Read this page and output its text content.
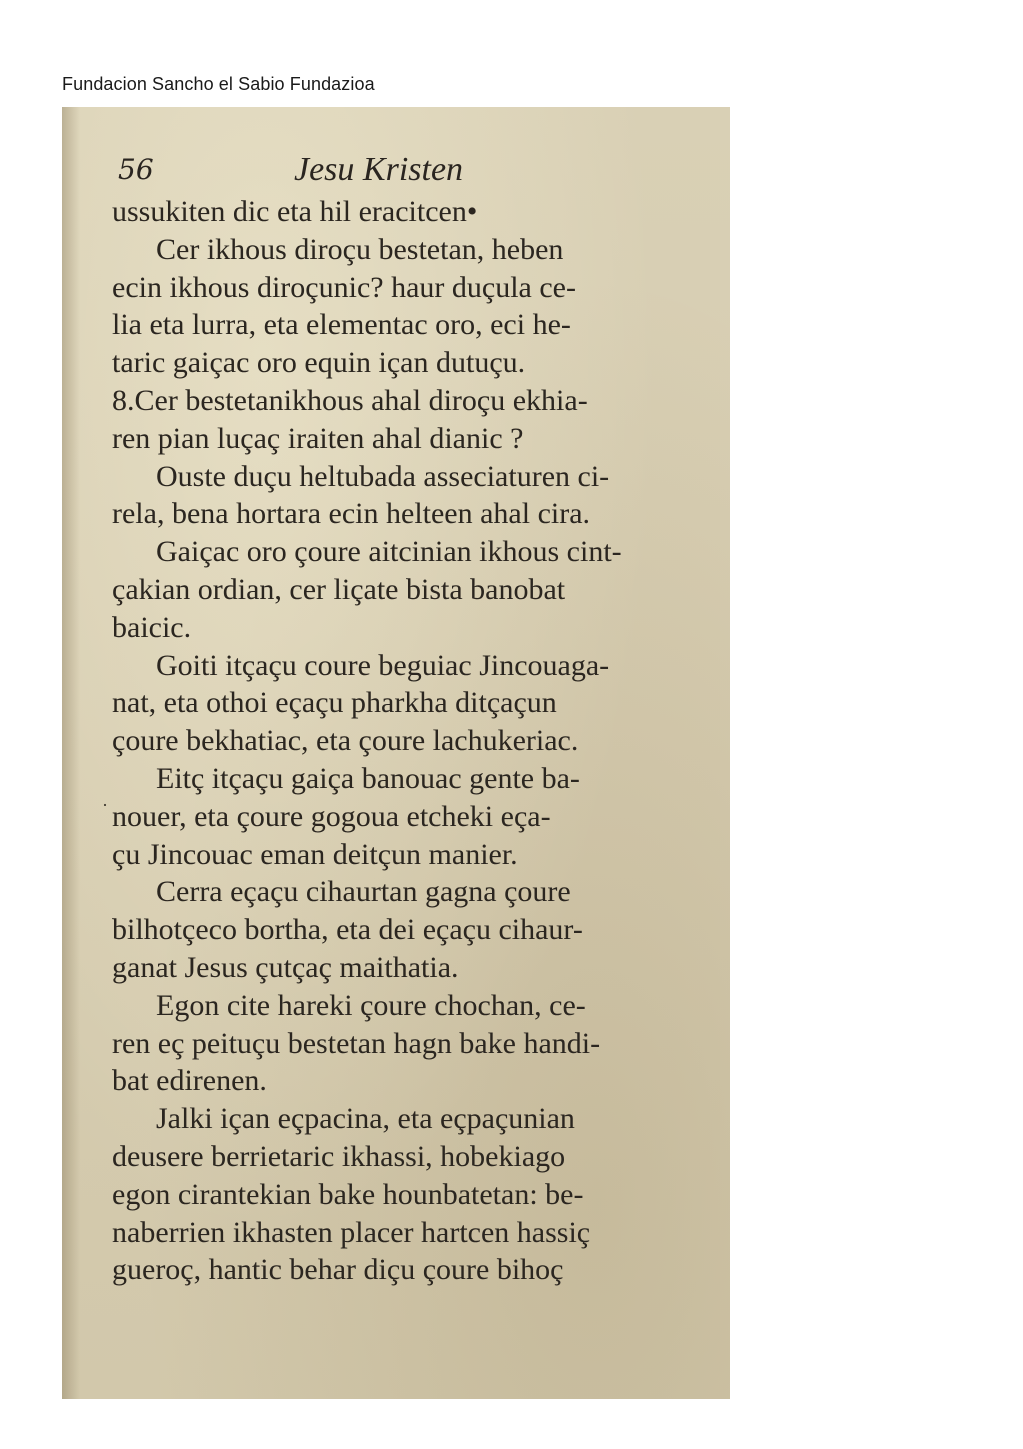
Fundacion Sancho el Sabio Fundazioa
56	Jesu Kristen
ussukiten dic eta hil eracitcen•
Cer ikhous diroçu bestetan, heben
ecin ikhous diroçunic? haur duçula ce-
lia eta lurra, eta elementac oro, eci he-
taric gaiçac oro equin içan dutuçu.
8.Cer bestetanikhous ahal diroçu ekhia-
ren pian luçaç iraiten ahal dianic ?
Ouste duçu heltubada asseciaturen ci-
rela, bena hortara ecin helteen ahal cira.
Gaiçac oro çoure aitcinian ikhous cint-
çakian ordian, cer liçate bista banobat
baicic.
Goiti itçaçu coure beguiac Jincouaga-
nat, eta othoi eçaçu pharkha ditçaçun
çoure bekhatiac, eta çoure lachukeriac.
Eitç itçaçu gaiça banouac gente ba-
nouer, eta çoure gogoua etcheki eça-
çu Jincouac eman deitçun manier.
Cerra eçaçu cihaurtan gagna çoure
bilhotçeco bortha, eta dei eçaçu cihaur-
ganat Jesus çutçaç maithatia.
Egon cite hareki çoure chochan, ce-
ren eç peituçu bestetan hagn bake handi-
bat edirenen.
Jalki içan eçpacina, eta eçpaçunian
deusere berrietaric ikhassi, hobekiago
egon cirantekian bake hounbatetan: be-
naberrien ikhasten placer hartcen hassiç
gueroç, hantic behar diçu çoure bihoç
·
